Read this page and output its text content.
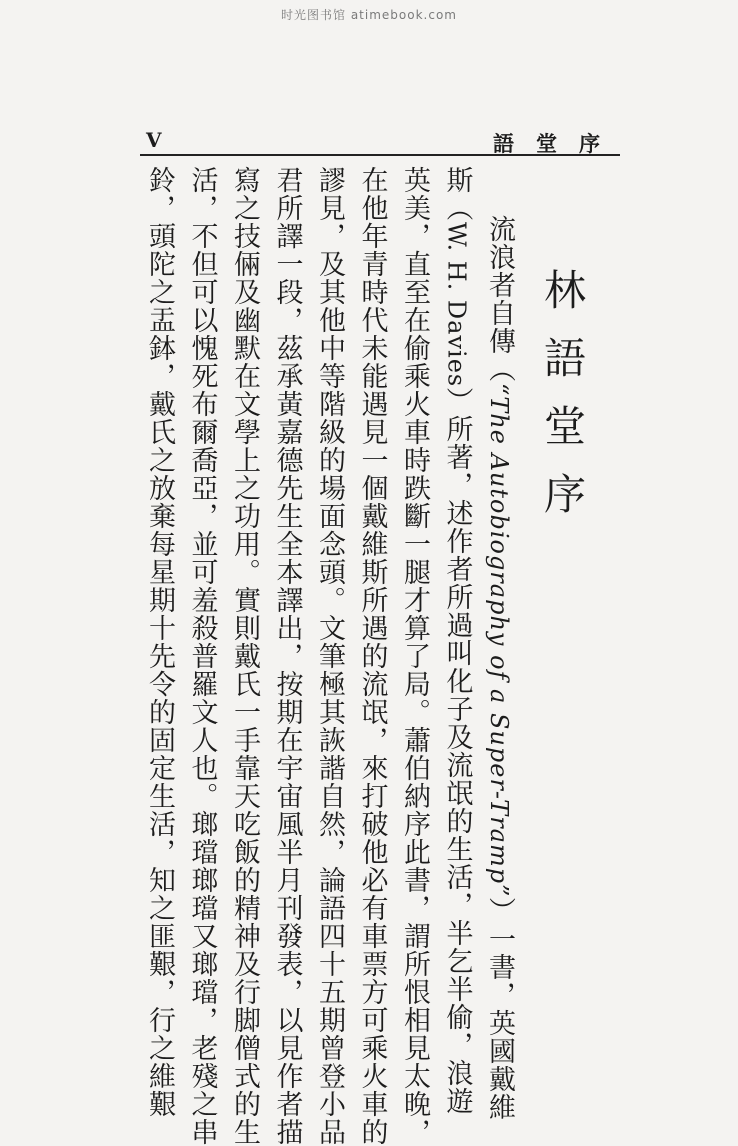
时光图书馆 atimebook.com
V	語堂序
林語堂序
流浪者自傳（“The Autobiography of a Super-Tramp”）一書，英國戴維
斯（W. H. Davies）所著，述作者所過叫化子及流氓的生活，半乞半偷，浪遊
英美，直至在偷乘火車時跌斷一腿才算了局。蕭伯納序此書，謂所恨相見太晚，
在他年青時代未能遇見一個戴維斯所遇的流氓，來打破他必有車票方可乘火車的
謬見，及其他中等階級的場面念頭。文筆極其詼諧自然，論語四十五期曾登小品
君所譯一段，茲承黃嘉德先生全本譯出，按期在宇宙風半月刊發表，以見作者描
寫之技倆及幽默在文學上之功用。實則戴氏一手靠天吃飯的精神及行脚僧式的生
活，不但可以愧死布爾喬亞，並可羞殺普羅文人也。瑯璫瑯璫又瑯璫，老殘之串
鈴，頭陀之盂鉢，戴氏之放棄每星期十先令的固定生活，知之匪艱，行之維艱
